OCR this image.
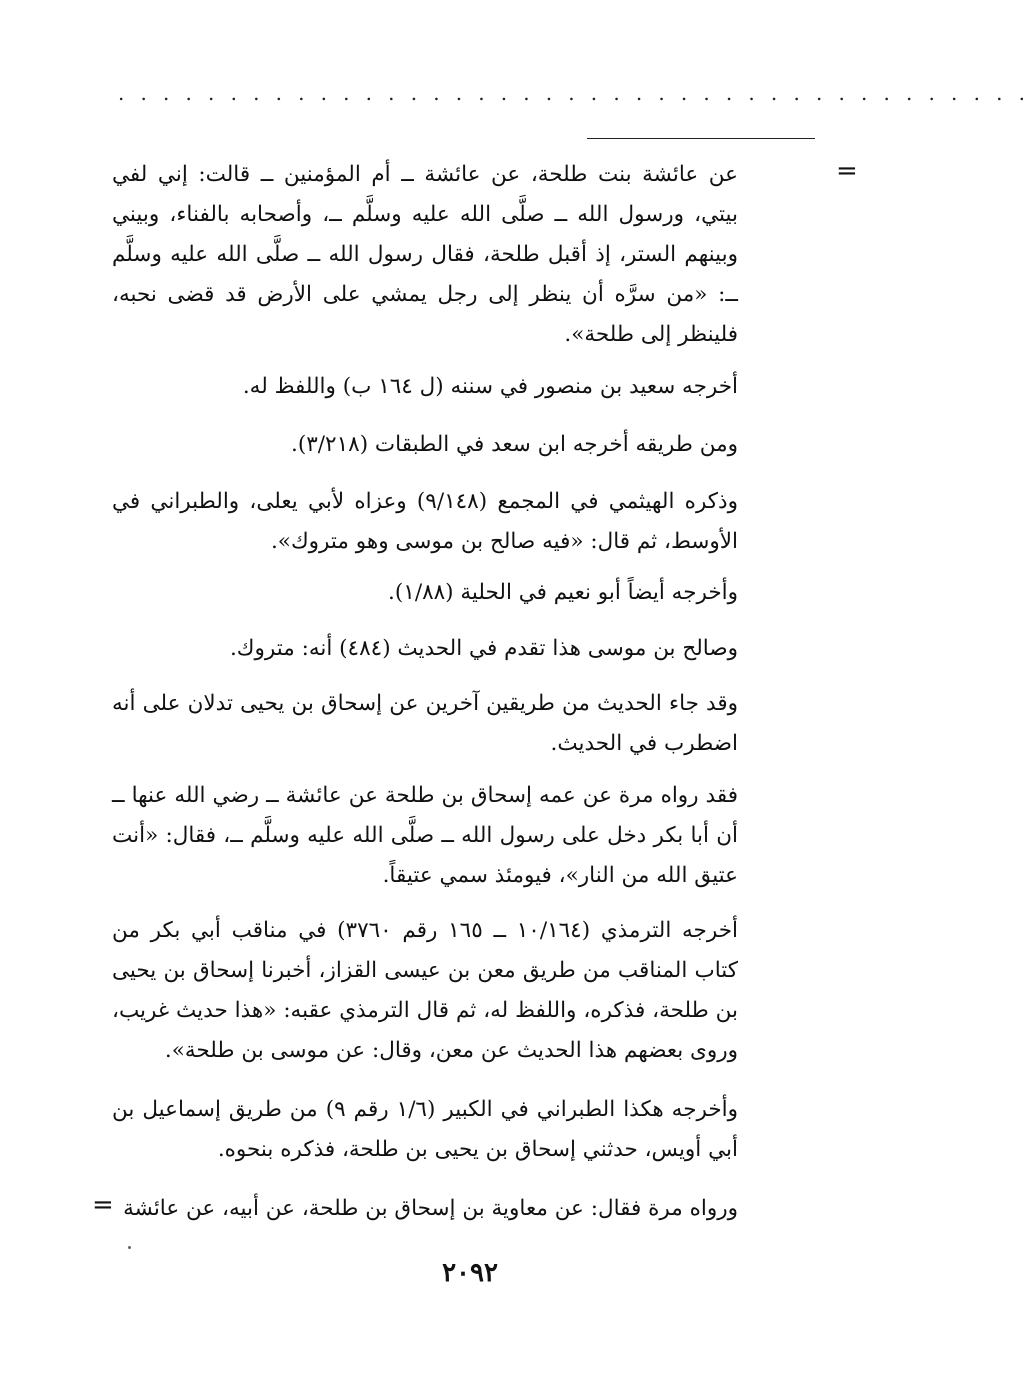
. . . . . . . . . . . . . . . . . . . . . . . . . . . . . . . . . . . . . . . . .
=
عن عائشة بنت طلحة، عن عائشة ــ أم المؤمنين ــ قالت: إني لفي بيتي، ورسول الله ــ صلَّى الله عليه وسلَّم ــ، وأصحابه بالفناء، وبيني وبينهم الستر، إذ أقبل طلحة، فقال رسول الله ــ صلَّى الله عليه وسلَّم ــ: «من سرَّه أن ينظر إلى رجل يمشي على الأرض قد قضى نحبه، فلينظر إلى طلحة».
أخرجه سعيد بن منصور في سننه (ل ١٦٤ ب) واللفظ له.
ومن طريقه أخرجه ابن سعد في الطبقات (٣/٢١٨).
وذكره الهيثمي في المجمع (٩/١٤٨) وعزاه لأبي يعلى، والطبراني في الأوسط، ثم قال: «فيه صالح بن موسى وهو متروك».
وأخرجه أيضاً أبو نعيم في الحلية (١/٨٨).
وصالح بن موسى هذا تقدم في الحديث (٤٨٤) أنه: متروك.
وقد جاء الحديث من طريقين آخرين عن إسحاق بن يحيى تدلان على أنه اضطرب في الحديث.
فقد رواه مرة عن عمه إسحاق بن طلحة عن عائشة ــ رضي الله عنها ــ أن أبا بكر دخل على رسول الله ــ صلَّى الله عليه وسلَّم ــ، فقال: «أنت عتيق الله من النار»، فيومئذ سمي عتيقاً.
أخرجه الترمذي (١٠/١٦٤ ــ ١٦٥ رقم ٣٧٦٠) في مناقب أبي بكر من كتاب المناقب من طريق معن بن عيسى القزاز، أخبرنا إسحاق بن يحيى بن طلحة، فذكره، واللفظ له، ثم قال الترمذي عقبه: «هذا حديث غريب، وروى بعضهم هذا الحديث عن معن، وقال: عن موسى بن طلحة».
وأخرجه هكذا الطبراني في الكبير (١/٦ رقم ٩) من طريق إسماعيل بن أبي أويس، حدثني إسحاق بن يحيى بن طلحة، فذكره بنحوه.
ورواه مرة فقال: عن معاوية بن إسحاق بن طلحة، عن أبيه، عن عائشة
=
٢٠٩٢
